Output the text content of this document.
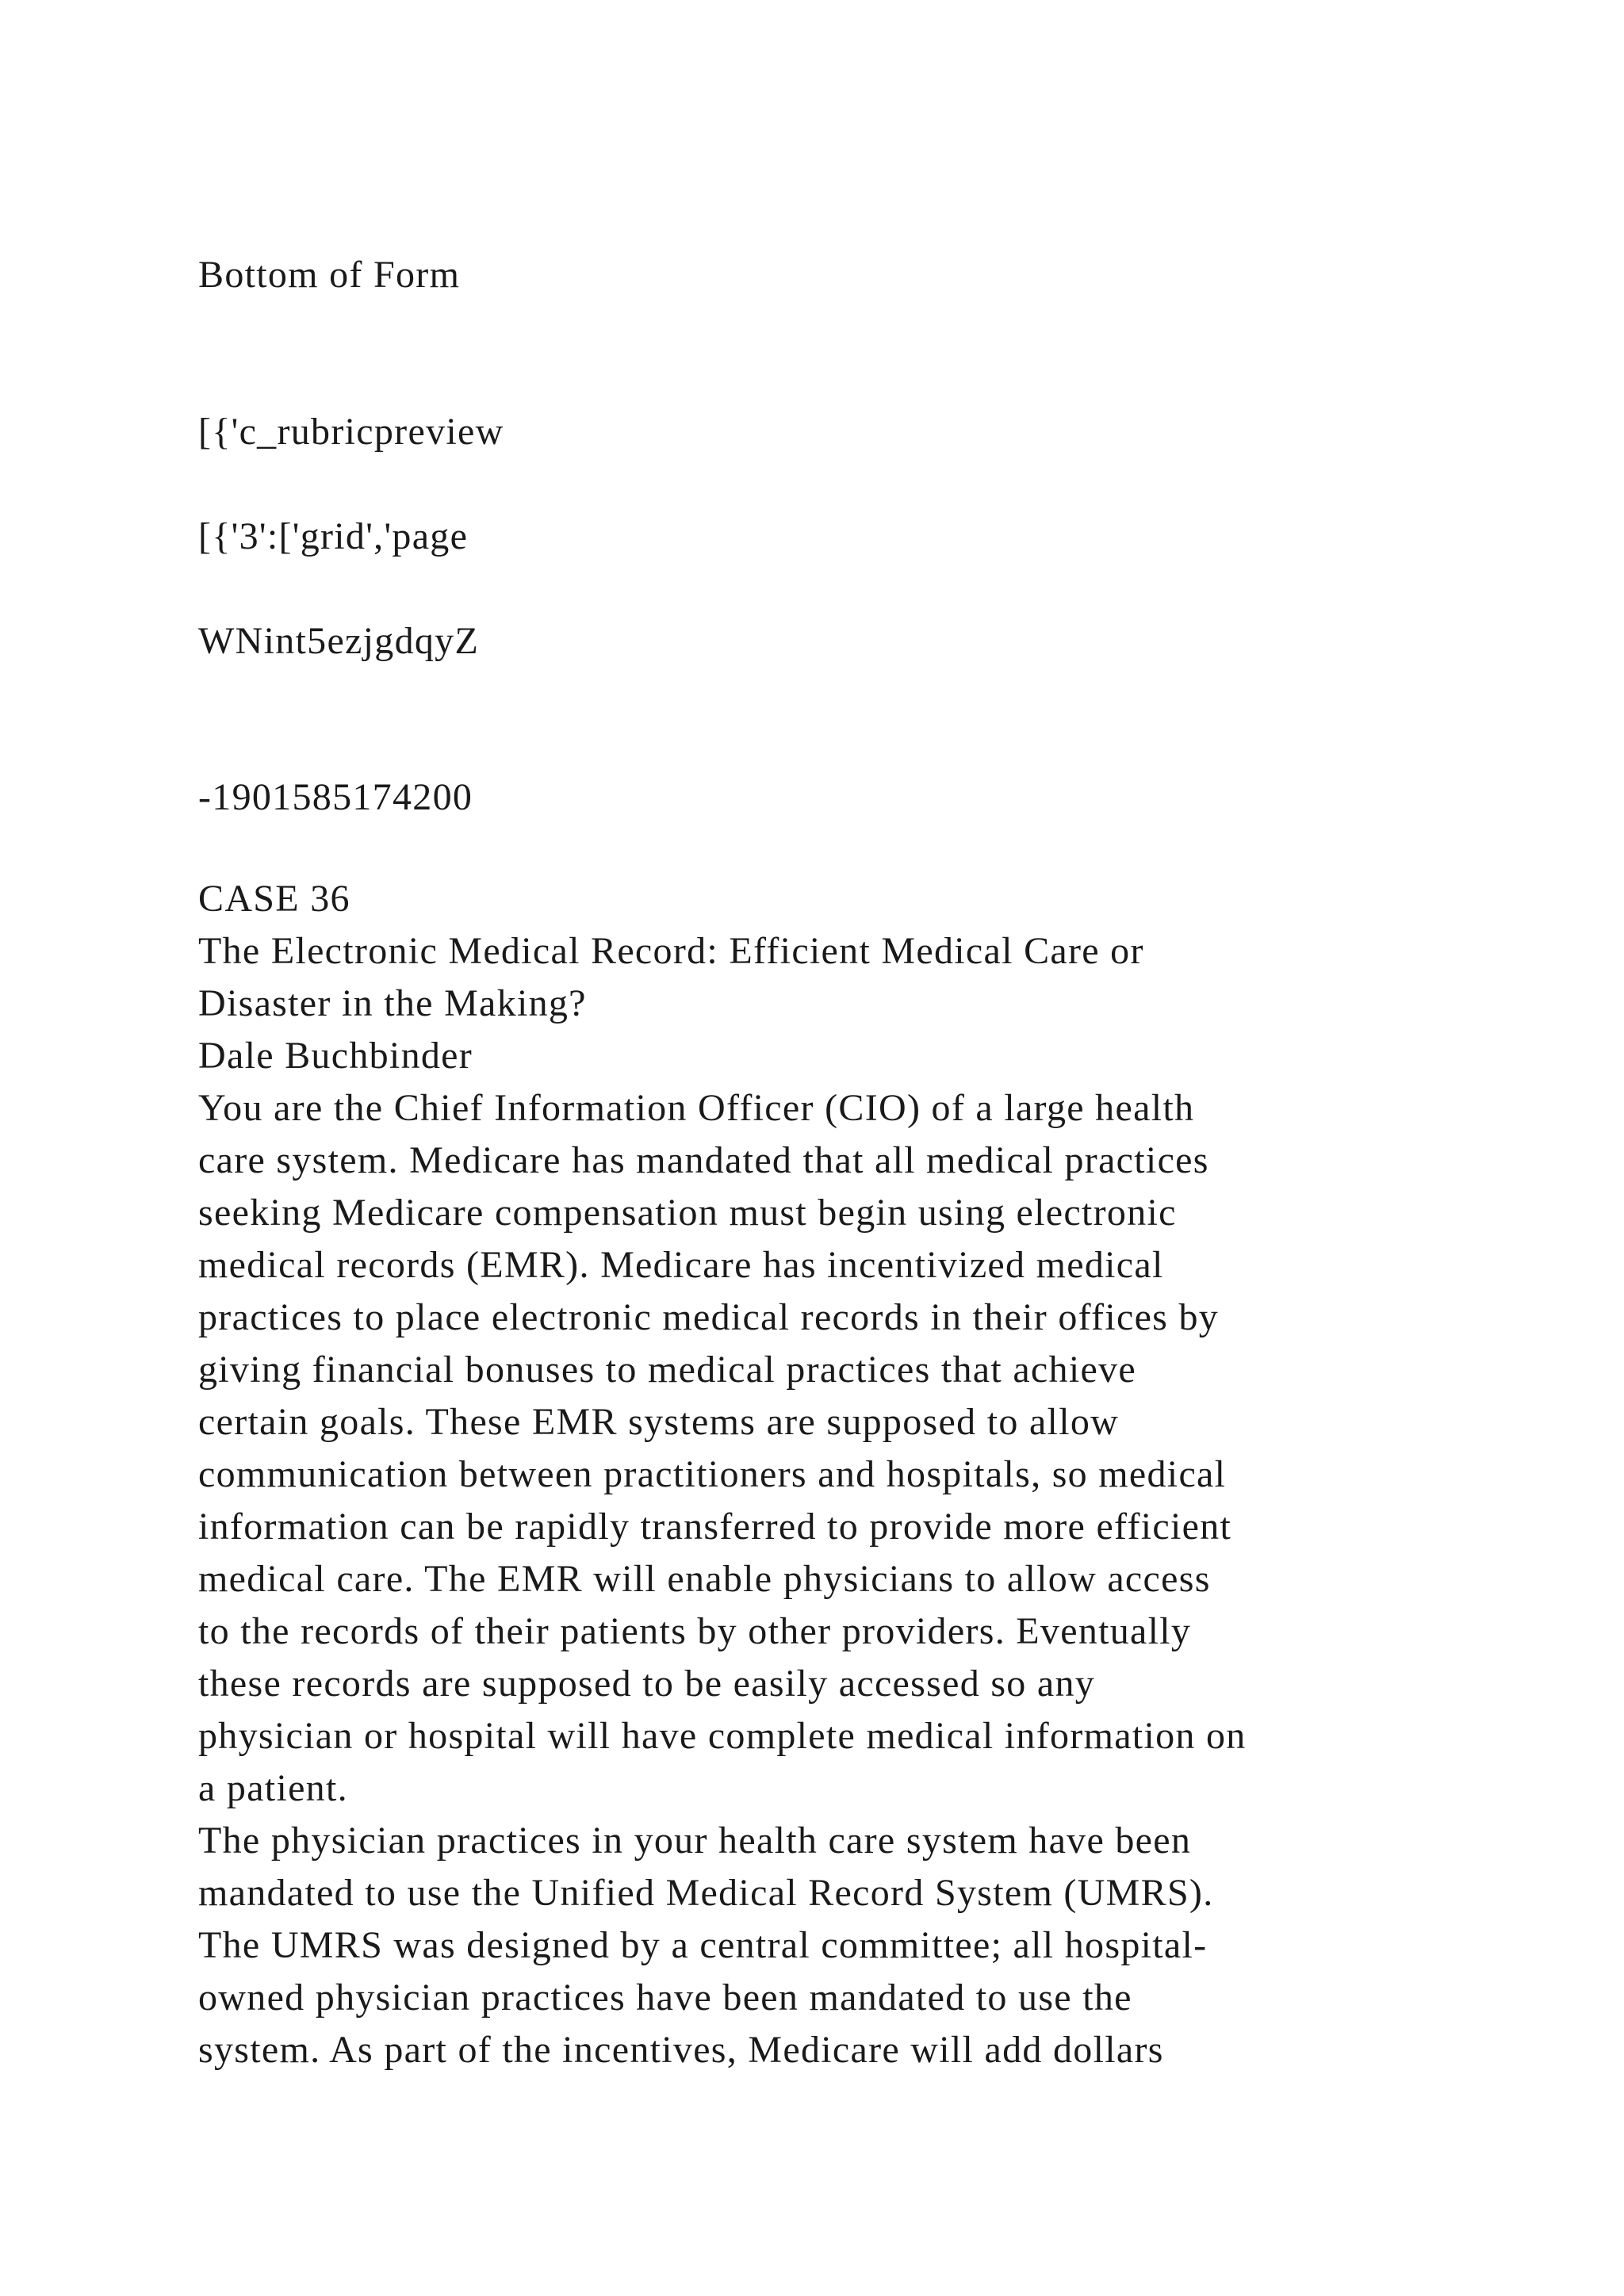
Bottom of Form
[{'c_rubricpreview
[{'3':['grid','page
WNint5ezjgdqyZ
-1901585174200
CASE 36
The Electronic Medical Record: Efficient Medical Care or
Disaster in the Making?
Dale Buchbinder
You are the Chief Information Officer (CIO) of a large health
care system. Medicare has mandated that all medical practices
seeking Medicare compensation must begin using electronic
medical records (EMR). Medicare has incentivized medical
practices to place electronic medical records in their offices by
giving financial bonuses to medical practices that achieve
certain goals. These EMR systems are supposed to allow
communication between practitioners and hospitals, so medical
information can be rapidly transferred to provide more efficient
medical care. The EMR will enable physicians to allow access
to the records of their patients by other providers. Eventually
these records are supposed to be easily accessed so any
physician or hospital will have complete medical information on
a patient.
The physician practices in your health care system have been
mandated to use the Unified Medical Record System (UMRS).
The UMRS was designed by a central committee; all hospital-
owned physician practices have been mandated to use the
system. As part of the incentives, Medicare will add dollars
